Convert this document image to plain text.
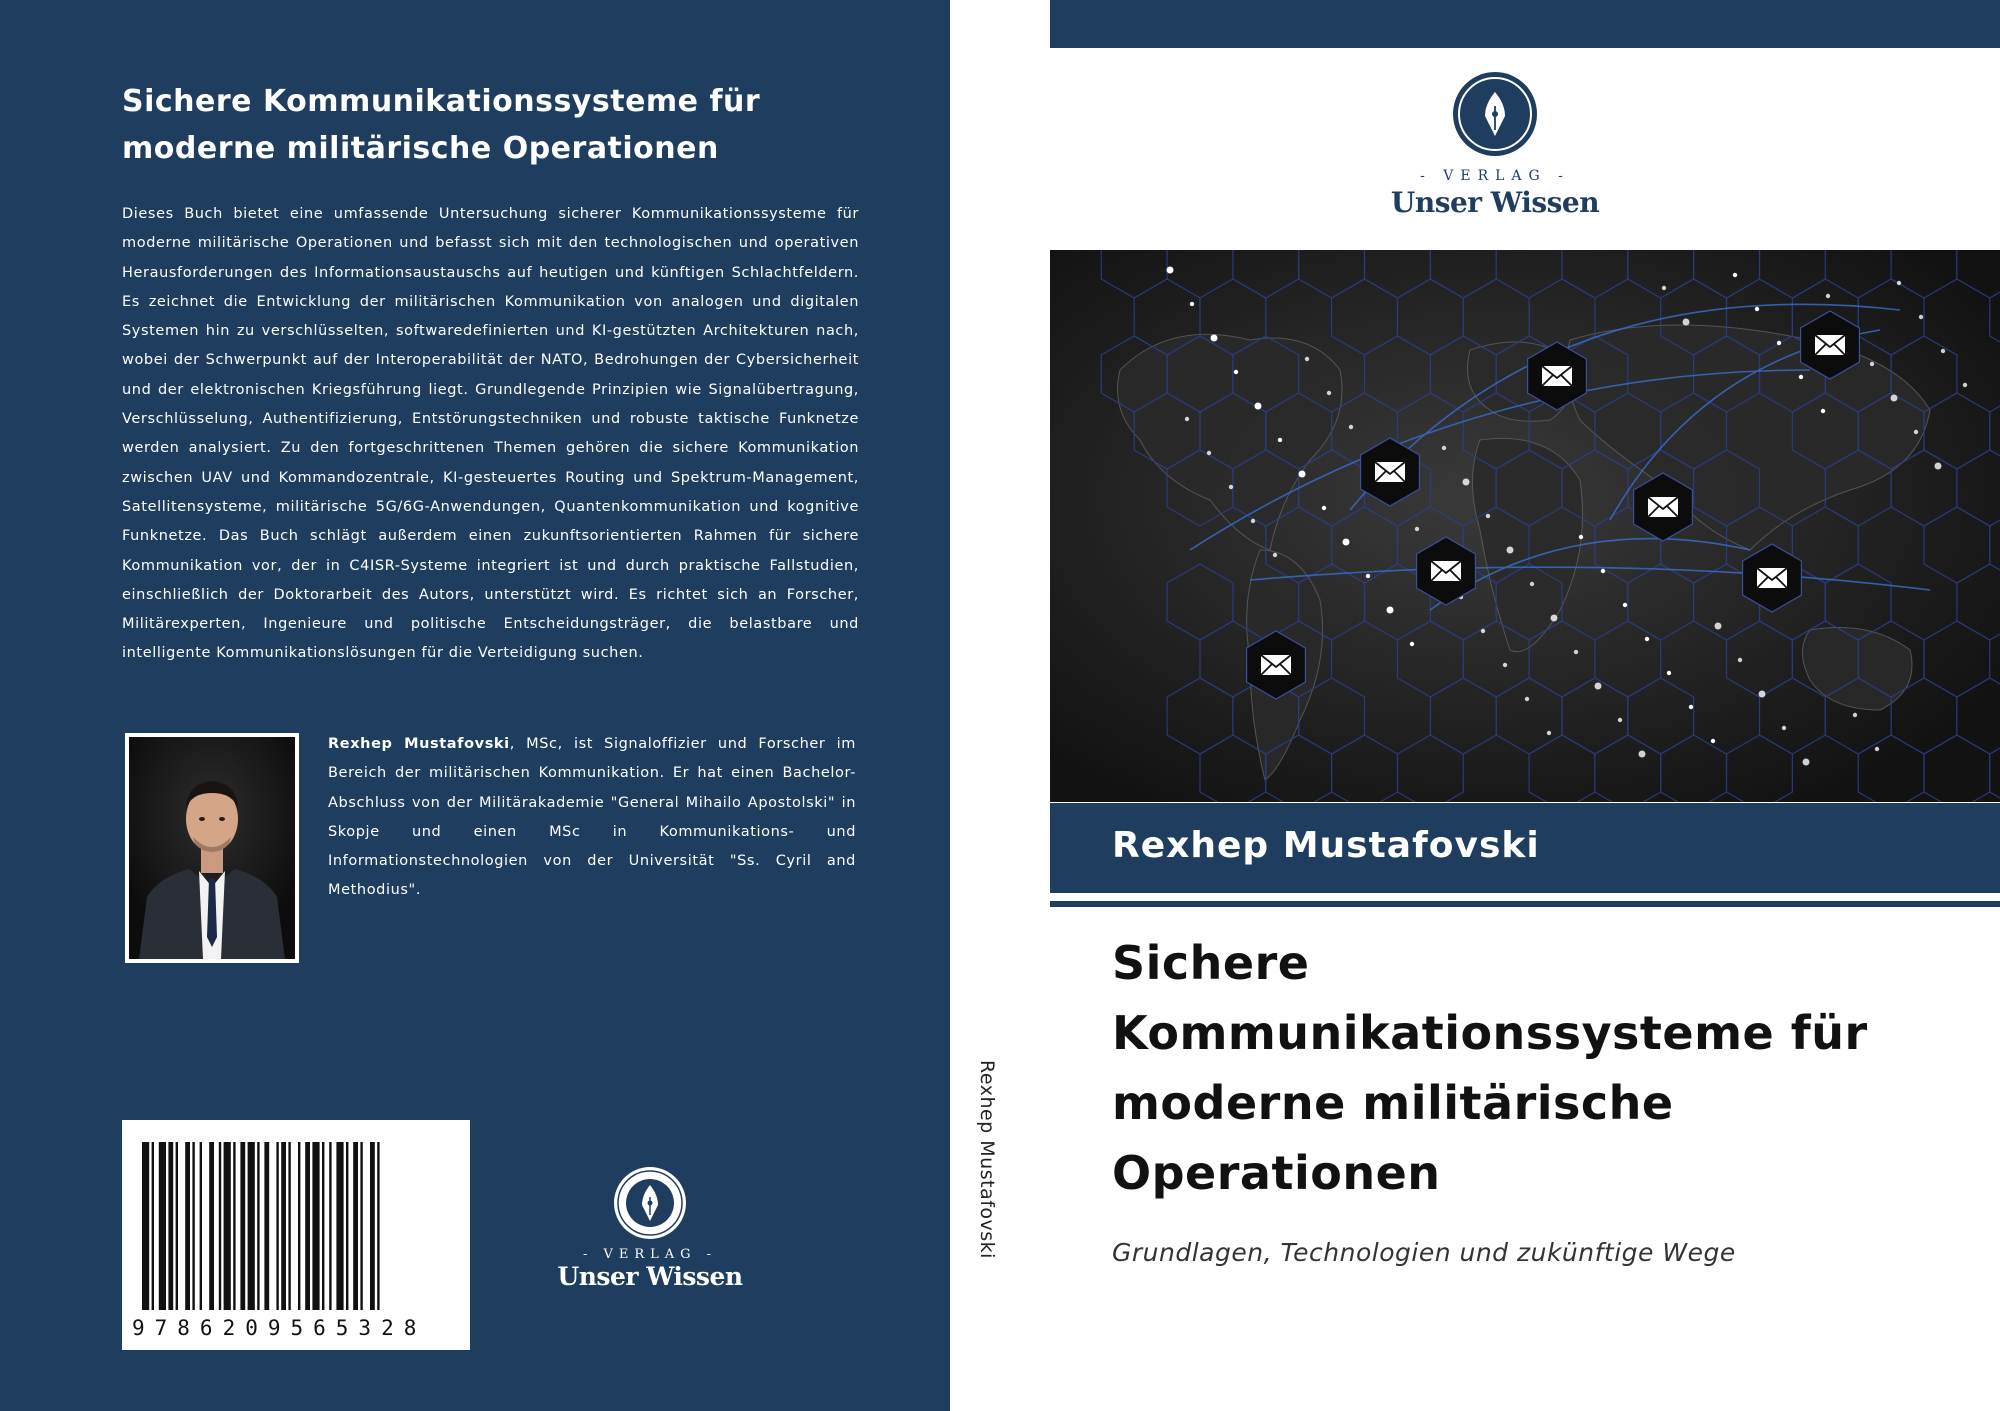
Sichere Kommunikationssysteme für
moderne militärische Operationen

Dieses Buch bietet eine umfassende Untersuchung sicherer Kommunikationssysteme für moderne militärische Operationen und befasst sich mit den technologischen und operativen Herausforderungen des Informationsaustauschs auf heutigen und künftigen Schlachtfeldern. Es zeichnet die Entwicklung der militärischen Kommunikation von analogen und digitalen Systemen hin zu verschlüsselten, softwaredefinierten und KI-gestützten Architekturen nach, wobei der Schwerpunkt auf der Interoperabilität der NATO, Bedrohungen der Cybersicherheit und der elektronischen Kriegsführung liegt. Grundlegende Prinzipien wie Signalübertragung, Verschlüsselung, Authentifizierung, Entstörungstechniken und robuste taktische Funknetze werden analysiert. Zu den fortgeschrittenen Themen gehören die sichere Kommunikation zwischen UAV und Kommandozentrale, KI-gesteuertes Routing und Spektrum-Management, Satellitensysteme, militärische 5G/6G-Anwendungen, Quantenkommunikation und kognitive Funknetze. Das Buch schlägt außerdem einen zukunftsorientierten Rahmen für sichere Kommunikation vor, der in C4ISR-Systeme integriert ist und durch praktische Fallstudien, einschließlich der Doktorarbeit des Autors, unterstützt wird. Es richtet sich an Forscher, Militärexperten, Ingenieure und politische Entscheidungsträger, die belastbare und intelligente Kommunikationslösungen für die Verteidigung suchen.

Rexhep Mustafovski, MSc, ist Signaloffizier und Forscher im Bereich der militärischen Kommunikation. Er hat einen Bachelor-Abschluss von der Militärakademie "General Mihailo Apostolski" in Skopje und einen MSc in Kommunikations- und Informationstechnologien von der Universität "Ss. Cyril and Methodius".

9786209565328
- VERLAG -
Unser Wissen
Rexhep Mustafovski
- VERLAG -
Unser Wissen
Rexhep Mustafovski
Sichere
Kommunikationssysteme für
moderne militärische
Operationen
Grundlagen, Technologien und zukünftige Wege
